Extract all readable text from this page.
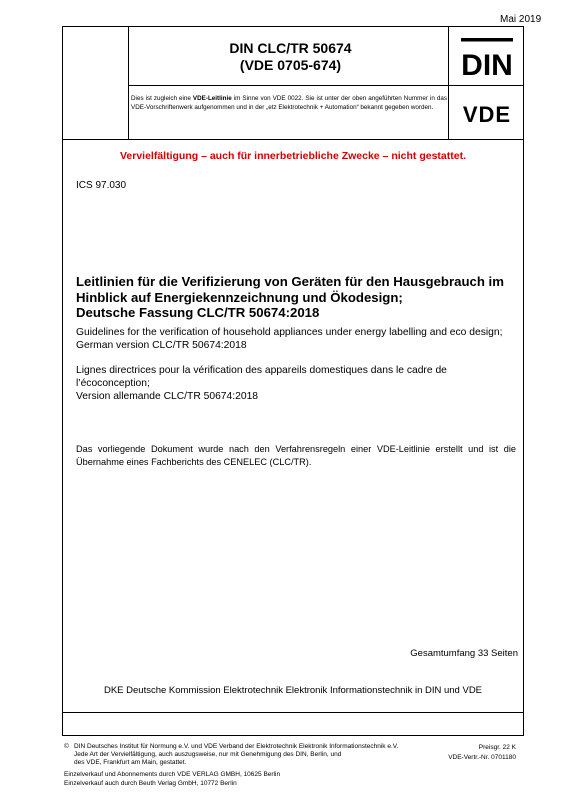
Mai 2019
DIN CLC/TR 50674
(VDE 0705-674)	DIN
Dies ist zugleich eine VDE-Leitlinie im Sinne von VDE 0022. Sie ist unter der oben angeführten Nummer in das VDE-Vorschriftenwerk aufgenommen und in der „etz Elektrotechnik + Automation“ bekannt gegeben worden.	VDE
Vervielfältigung – auch für innerbetriebliche Zwecke – nicht gestattet.
ICS 97.030
Leitlinien für die Verifizierung von Geräten für den Hausgebrauch im
Hinblick auf Energiekennzeichnung und Ökodesign;
Deutsche Fassung CLC/TR 50674:2018
Guidelines for the verification of household appliances under energy labelling and eco design;
German version CLC/TR 50674:2018
Lignes directrices pour la vérification des appareils domestiques dans le cadre de
l’écoconception;
Version allemande CLC/TR 50674:2018
Das vorliegende Dokument wurde nach den Verfahrensregeln einer VDE-Leitlinie erstellt und ist die Übernahme eines Fachberichts des CENELEC (CLC/TR).
Gesamtumfang 33 Seiten
DKE Deutsche Kommission Elektrotechnik Elektronik Informationstechnik in DIN und VDE
© DIN Deutsches Institut für Normung e.V. und VDE Verband der Elektrotechnik Elektronik Informationstechnik e.V.
Jede Art der Vervielfältigung, auch auszugsweise, nur mit Genehmigung des DIN, Berlin, und
des VDE, Frankfurt am Main, gestattet.
Preisgr. 22 K
VDE-Vertr.-Nr. 0701180
Einzelverkauf und Abonnements durch VDE VERLAG GMBH, 10625 Berlin
Einzelverkauf auch durch Beuth Verlag GmbH, 10772 Berlin
